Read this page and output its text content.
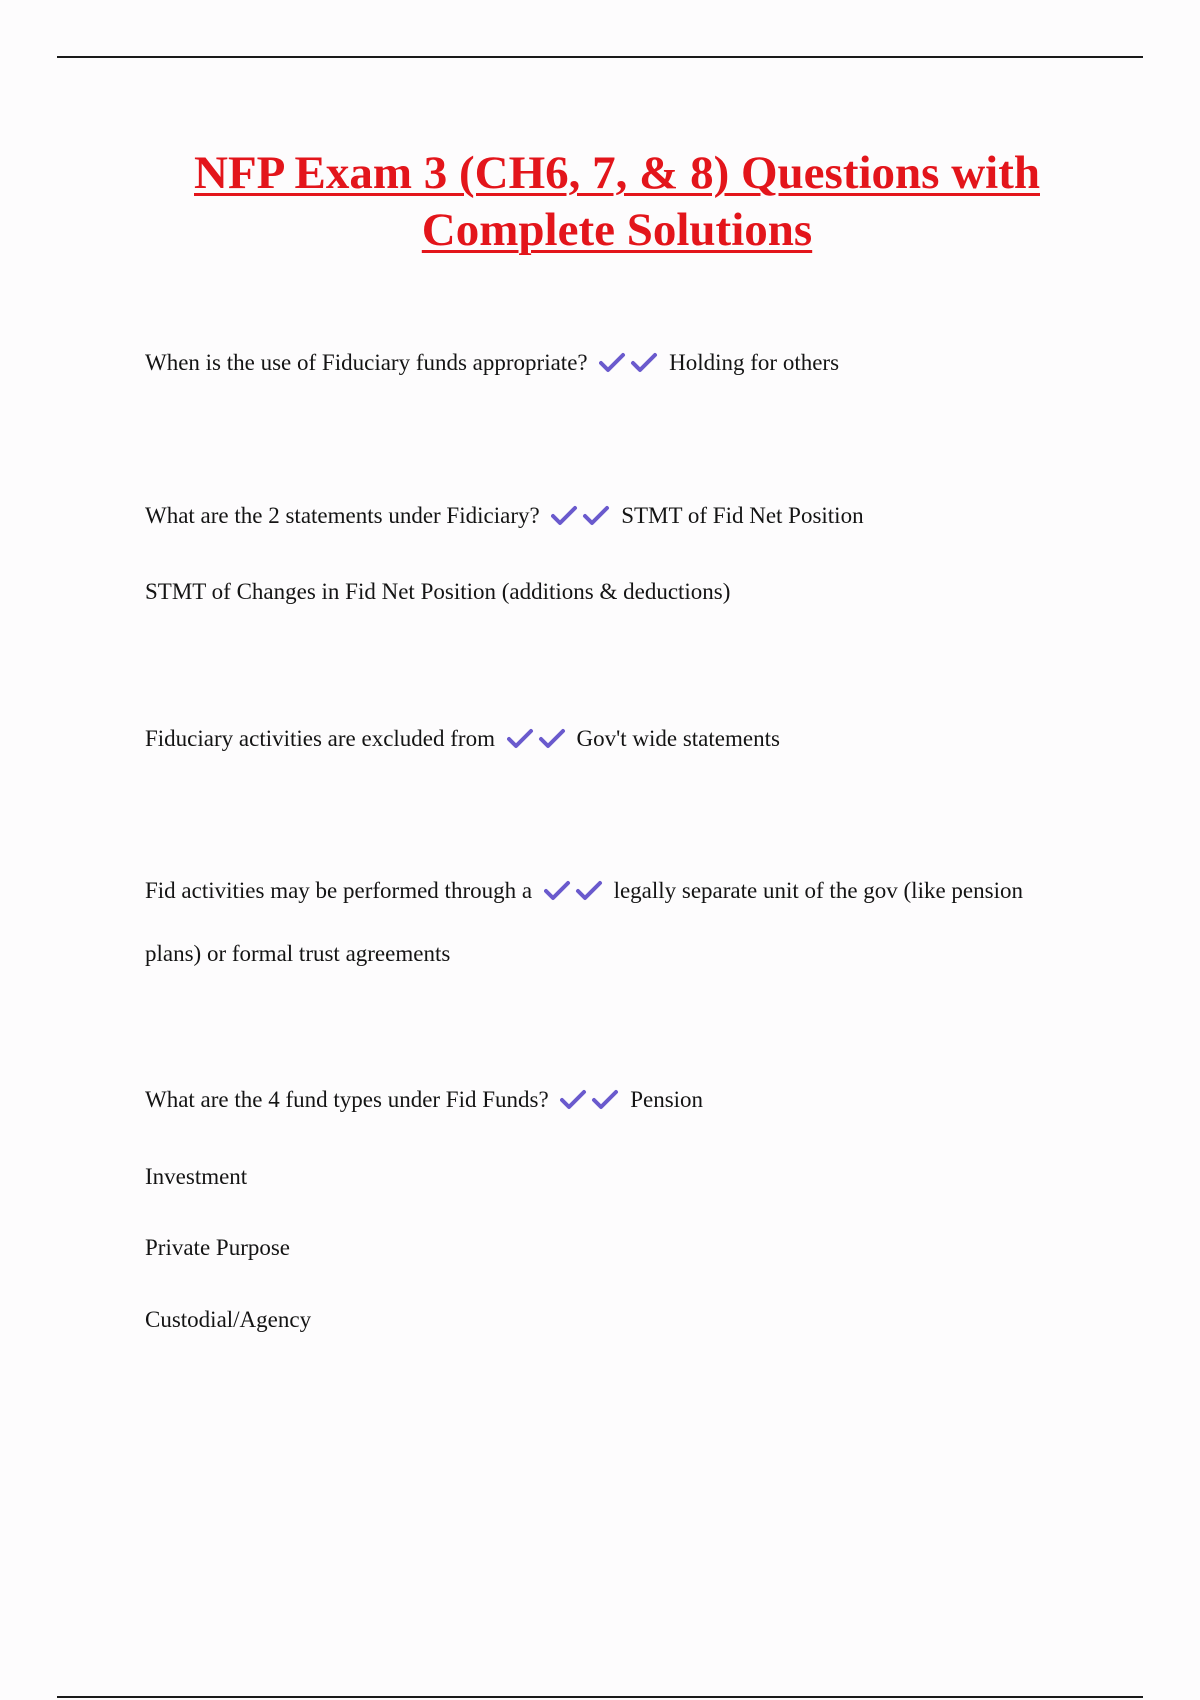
NFP Exam 3 (CH6, 7, & 8) Questions with
Complete Solutions
When is the use of Fiduciary funds appropriate?	Holding for others
What are the 2 statements under Fidiciary?	STMT of Fid Net Position
STMT of Changes in Fid Net Position (additions & deductions)
Fiduciary activities are excluded from	Gov't wide statements
Fid activities may be performed through a	legally separate unit of the gov (like pension
plans) or formal trust agreements
What are the 4 fund types under Fid Funds?	Pension
Investment
Private Purpose
Custodial/Agency
